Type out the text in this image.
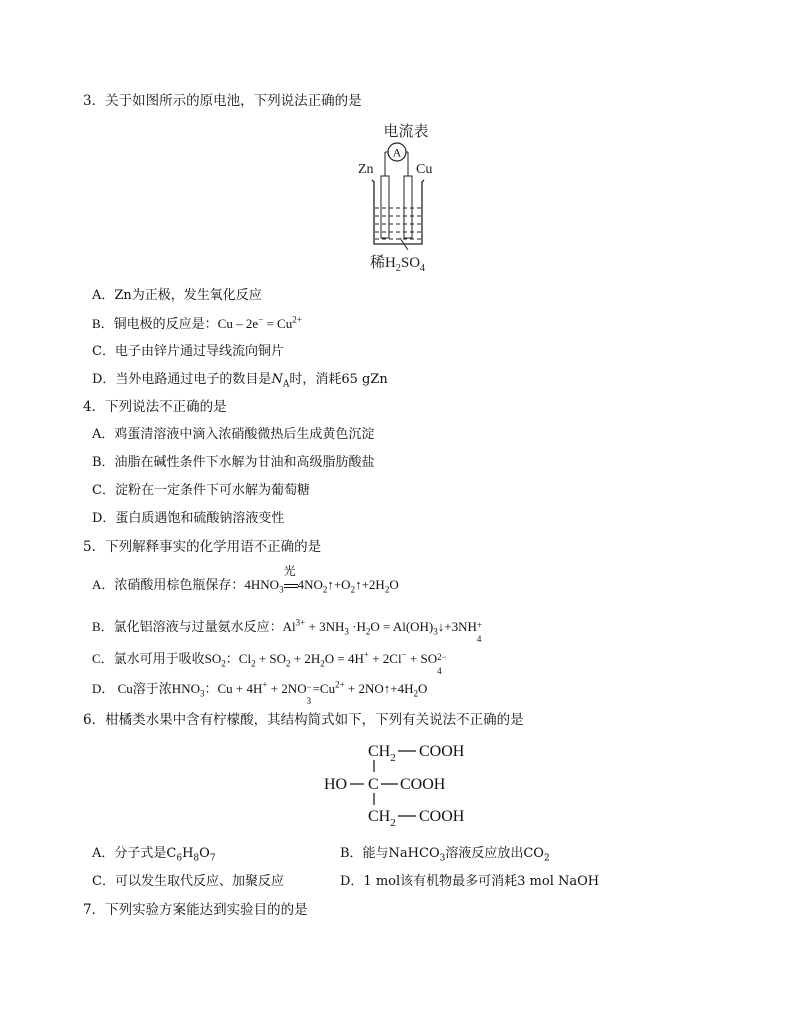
3．关于如图所示的原电池，下列说法正确的是
电流表
A
Zn	Cu
稀$H_2SO_4$
A．Zn为正极，发生氧化反应
B．铜电极的反应是：$Cu - 2e^- = Cu^{2+}$
C．电子由锌片通过导线流向铜片
D．当外电路通过电子的数目是$N_A$时，消耗65 gZn
4．下列说法不正确的是
A．鸡蛋清溶液中滴入浓硝酸微热后生成黄色沉淀
B．油脂在碱性条件下水解为甘油和高级脂肪酸盐
C．淀粉在一定条件下可水解为葡萄糖
D．蛋白质遇饱和硫酸钠溶液变性
5．下列解释事实的化学用语不正确的是
A．浓硝酸用棕色瓶保存：$4HNO_3$
光
$4NO_2↑+O_2↑+2H_2O$
B．氯化铝溶液与过量氨水反应：$Al^{3+} + 3NH_3 \cdot H_2O$ = $Al(OH)_3↓+3NH$ +
4
C．氯水可用于吸收$SO_2$：$Cl_2 + SO_2 + 2H_2O = 4H^+ + 2Cl^-$ + SO 2−
4
D． Cu溶于浓$HNO_3$：Cu + 4H+ + 2NO −
3
$=Cu^{2+}$ + $2NO↑+4H_2O$
6．柑橘类水果中含有柠檬酸，其结构简式如下，下列有关说法不正确的是
$CH_2$ COOH
HO C COOH
$CH_2$ COOH
A．分子式是$C_6H_8O_7$	B．能与NaHCO$_3$溶液反应放出$CO_2$
C．可以发生取代反应、加聚反应	D．1 mol该有机物最多可消耗3 mol NaOH
7．下列实验方案能达到实验目的的是
